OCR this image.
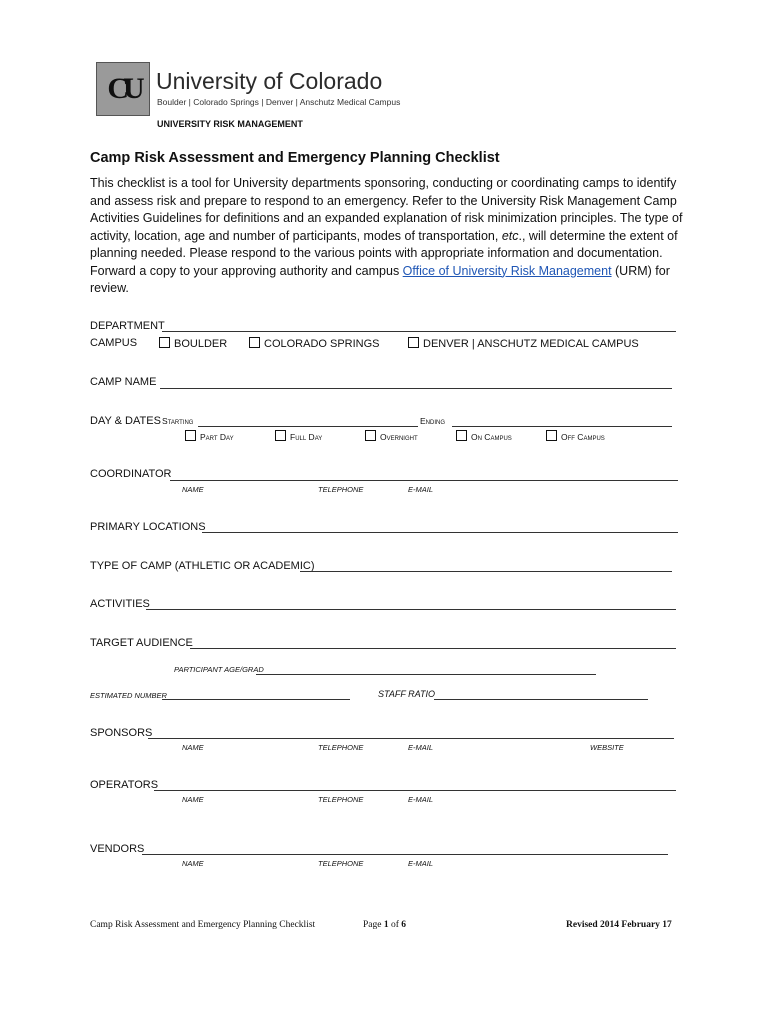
CU University of Colorado
Boulder | Colorado Springs | Denver | Anschutz Medical Campus
UNIVERSITY RISK MANAGEMENT
Camp Risk Assessment and Emergency Planning Checklist
This checklist is a tool for University departments sponsoring, conducting or coordinating camps to identify and assess risk and prepare to respond to an emergency. Refer to the University Risk Management Camp Activities Guidelines for definitions and an expanded explanation of risk minimization principles. The type of activity, location, age and number of participants, modes of transportation, etc., will determine the extent of planning needed. Please respond to the various points with appropriate information and documentation. Forward a copy to your approving authority and campus Office of University Risk Management (URM) for review.
DEPARTMENT
CAMPUS	BOULDER	COLORADO SPRINGS	DENVER | ANSCHUTZ MEDICAL CAMPUS
CAMP NAME
DAY & DATES Starting	Ending
Part Day	Full Day	Overnight	On Campus	Off Campus
COORDINATOR
NAME	TELEPHONE	E-MAIL
PRIMARY LOCATIONS
TYPE OF CAMP (ATHLETIC OR ACADEMIC)
ACTIVITIES
TARGET AUDIENCE
PARTICIPANT AGE/GRAD
ESTIMATED NUMBER	STAFF RATIO
SPONSORS
NAME	TELEPHONE	E-MAIL	WEBSITE
OPERATORS
NAME	TELEPHONE	E-MAIL
VENDORS
NAME	TELEPHONE	E-MAIL
Camp Risk Assessment and Emergency Planning Checklist	Page 1 of 6	Revised 2014 February 17
